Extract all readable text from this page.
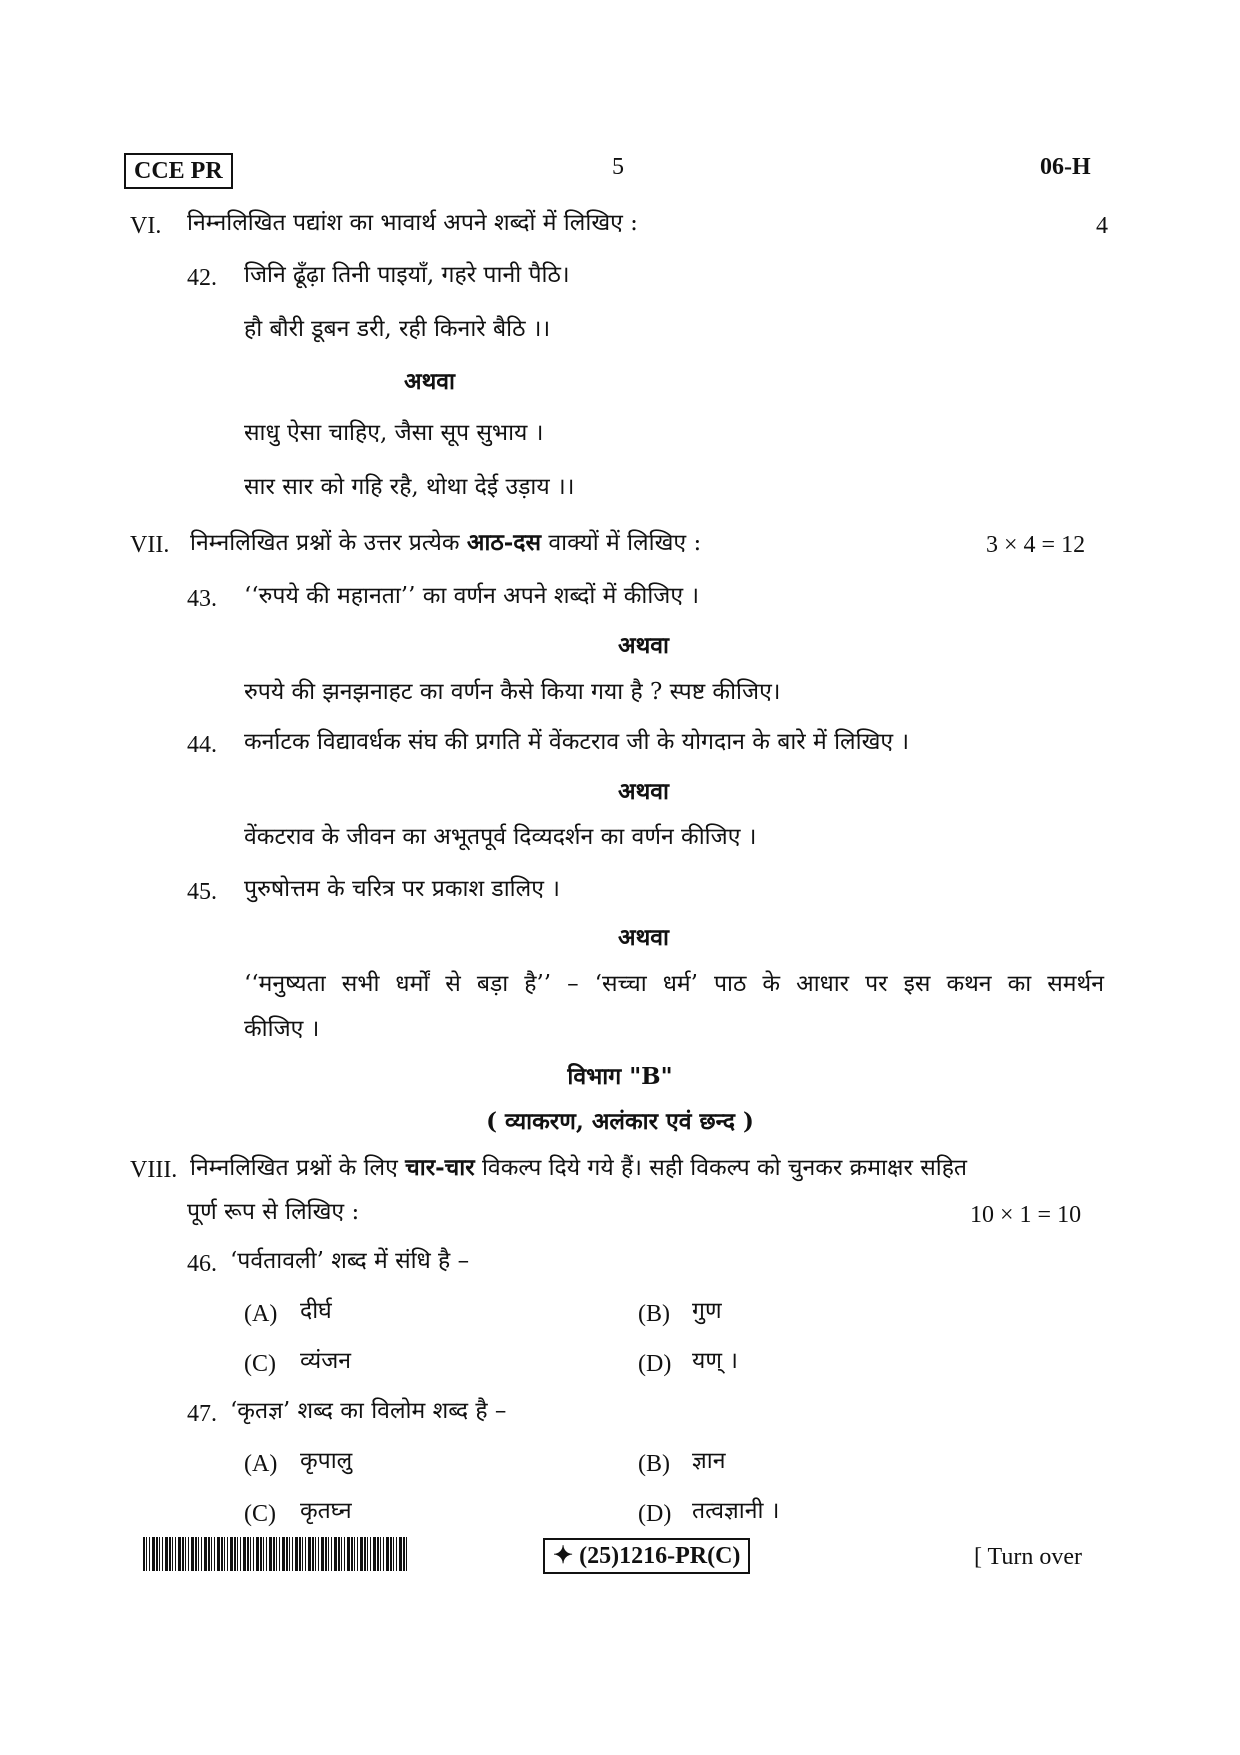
CCE PR	5	06-H
VI. निम्नलिखित पद्यांश का भावार्थ अपने शब्दों में लिखिए :	4
42. जिनि ढूँढ़ा तिनी पाइयाँ, गहरे पानी पैठि।
हौ बौरी डूबन डरी, रही किनारे बैठि ।।
अथवा
साधु ऐसा चाहिए, जैसा सूप सुभाय ।
सार सार को गहि रहै, थोथा देई उड़ाय ।।
VII. निम्नलिखित प्रश्नों के उत्तर प्रत्येक आठ-दस वाक्यों में लिखिए :	3 × 4 = 12
43. ‘‘रुपये की महानता’’ का वर्णन अपने शब्दों में कीजिए ।
अथवा
रुपये की झनझनाहट का वर्णन कैसे किया गया है ? स्पष्ट कीजिए।
44. कर्नाटक विद्यावर्धक संघ की प्रगति में वेंकटराव जी के योगदान के बारे में लिखिए ।
अथवा
वेंकटराव के जीवन का अभूतपूर्व दिव्यदर्शन का वर्णन कीजिए ।
45. पुरुषोत्तम के चरित्र पर प्रकाश डालिए ।
अथवा
‘‘मनुष्यता सभी धर्मों से बड़ा है’’ – ‘सच्चा धर्म’ पाठ के आधार पर इस कथन का समर्थन
कीजिए ।
विभाग "B"
( व्याकरण, अलंकार एवं छन्द )
VIII. निम्नलिखित प्रश्नों के लिए चार-चार विकल्प दिये गये हैं। सही विकल्प को चुनकर क्रमाक्षर सहित
पूर्ण रूप से लिखिए :	10 × 1 = 10
46. ‘पर्वतावली’ शब्द में संधि है –
(A) दीर्घ	(B) गुण
(C) व्यंजन	(D) यण् ।
47. ‘कृतज्ञ’ शब्द का विलोम शब्द है –
(A) कृपालु	(B) ज्ञान
(C) कृतघ्न	(D) तत्वज्ञानी ।
✦ (25)1216-PR(C)	[ Turn over
